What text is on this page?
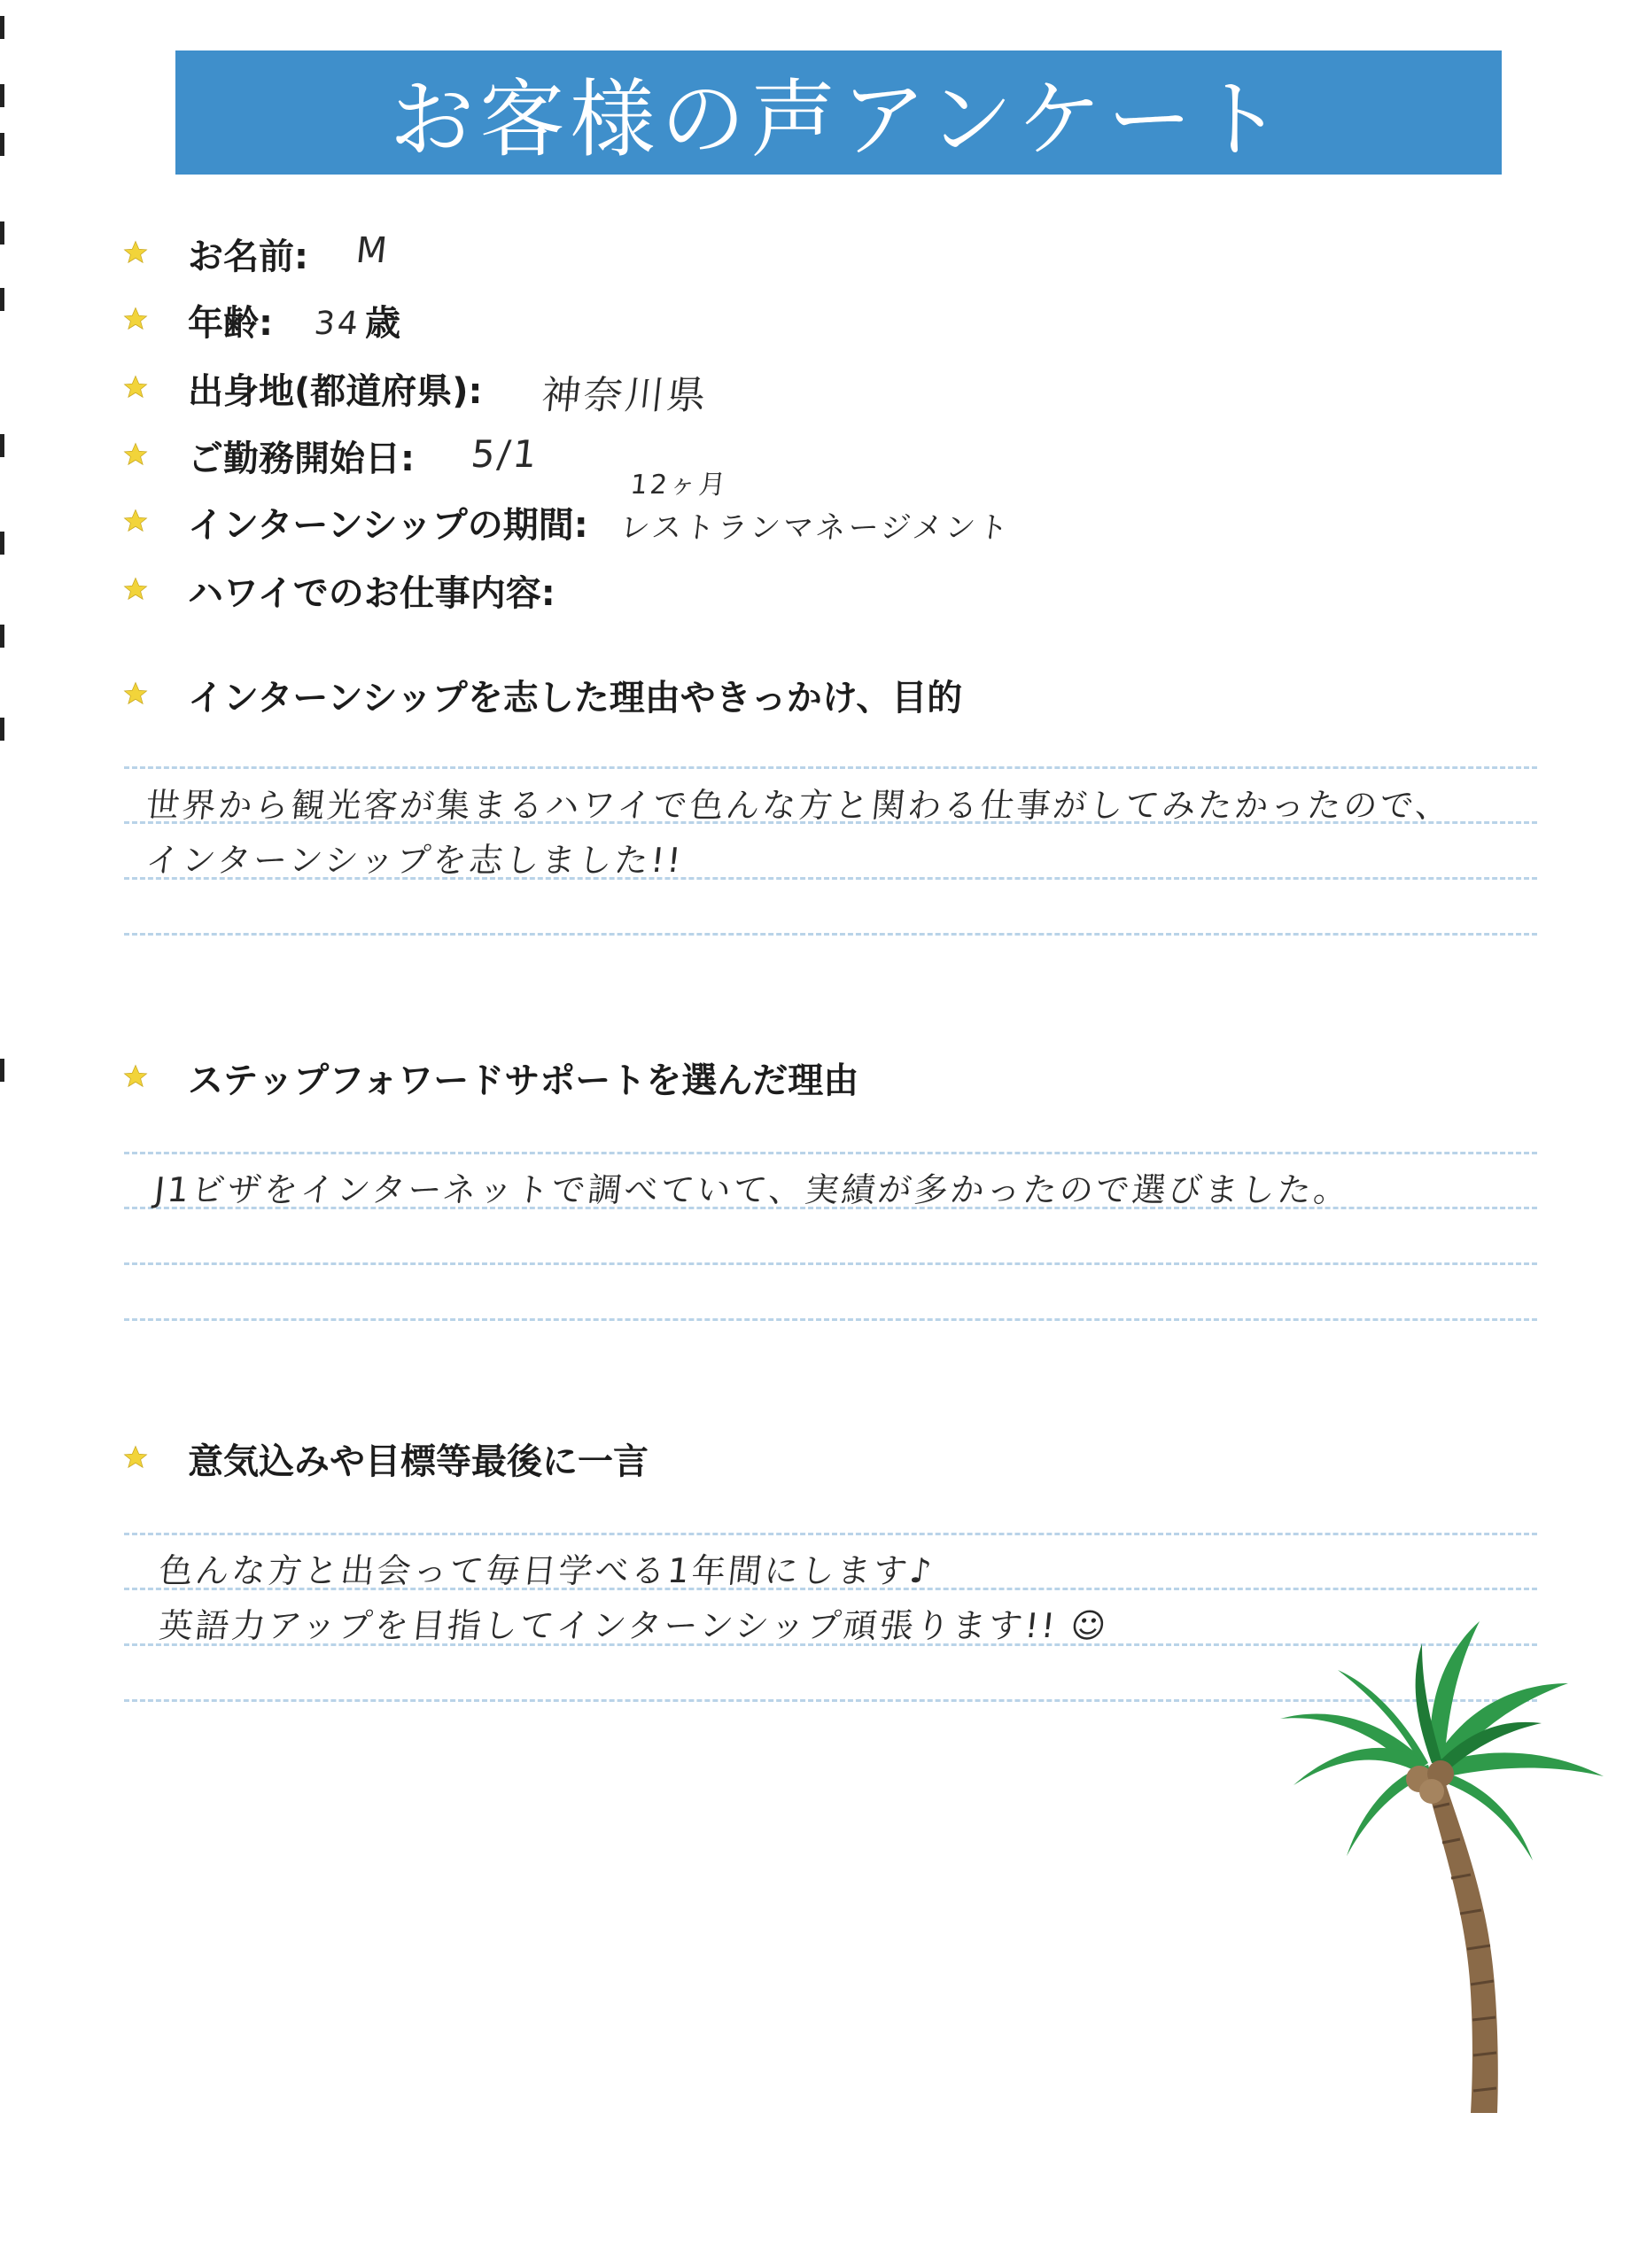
お客様の声アンケート
お名前: M
年齢: 34 歳
出身地(都道府県): 神奈川県
ご勤務開始日: 5/1
インターンシップの期間:
12ヶ月
レストランマネージメント
ハワイでのお仕事内容:
インターンシップを志した理由やきっかけ、目的
世界から観光客が集まるハワイで色んな方と関わる仕事がしてみたかったので、
インターンシップを志しました!!
ステップフォワードサポートを選んだ理由
J1ビザをインターネットで調べていて、実績が多かったので選びました。
意気込みや目標等最後に一言
色んな方と出会って毎日学べる1年間にします♪
英語力アップを目指してインターンシップ頑張ります!! ☺
